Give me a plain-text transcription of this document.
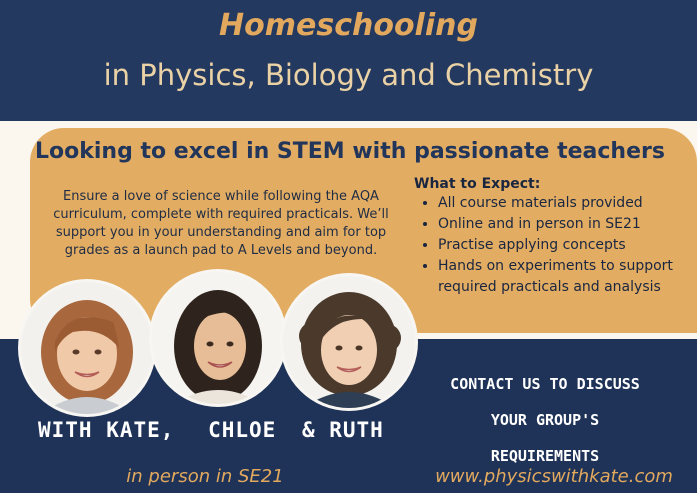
Homeschooling
in Physics, Biology and Chemistry
Looking to excel in STEM with passionate teachers
Ensure a love of science while following the AQA curriculum, complete with required practicals. We’ll support you in your understanding and aim for top grades as a launch pad to A Levels and beyond.
What to Expect:
• All course materials provided
• Online and in person in SE21
• Practise applying concepts
• Hands on experiments to support required practicals and analysis
WITH KATE, CHLOE & RUTH
CONTACT US TO DISCUSS
YOUR GROUP'S
REQUIREMENTS
in person in SE21	www.physicswithkate.com
